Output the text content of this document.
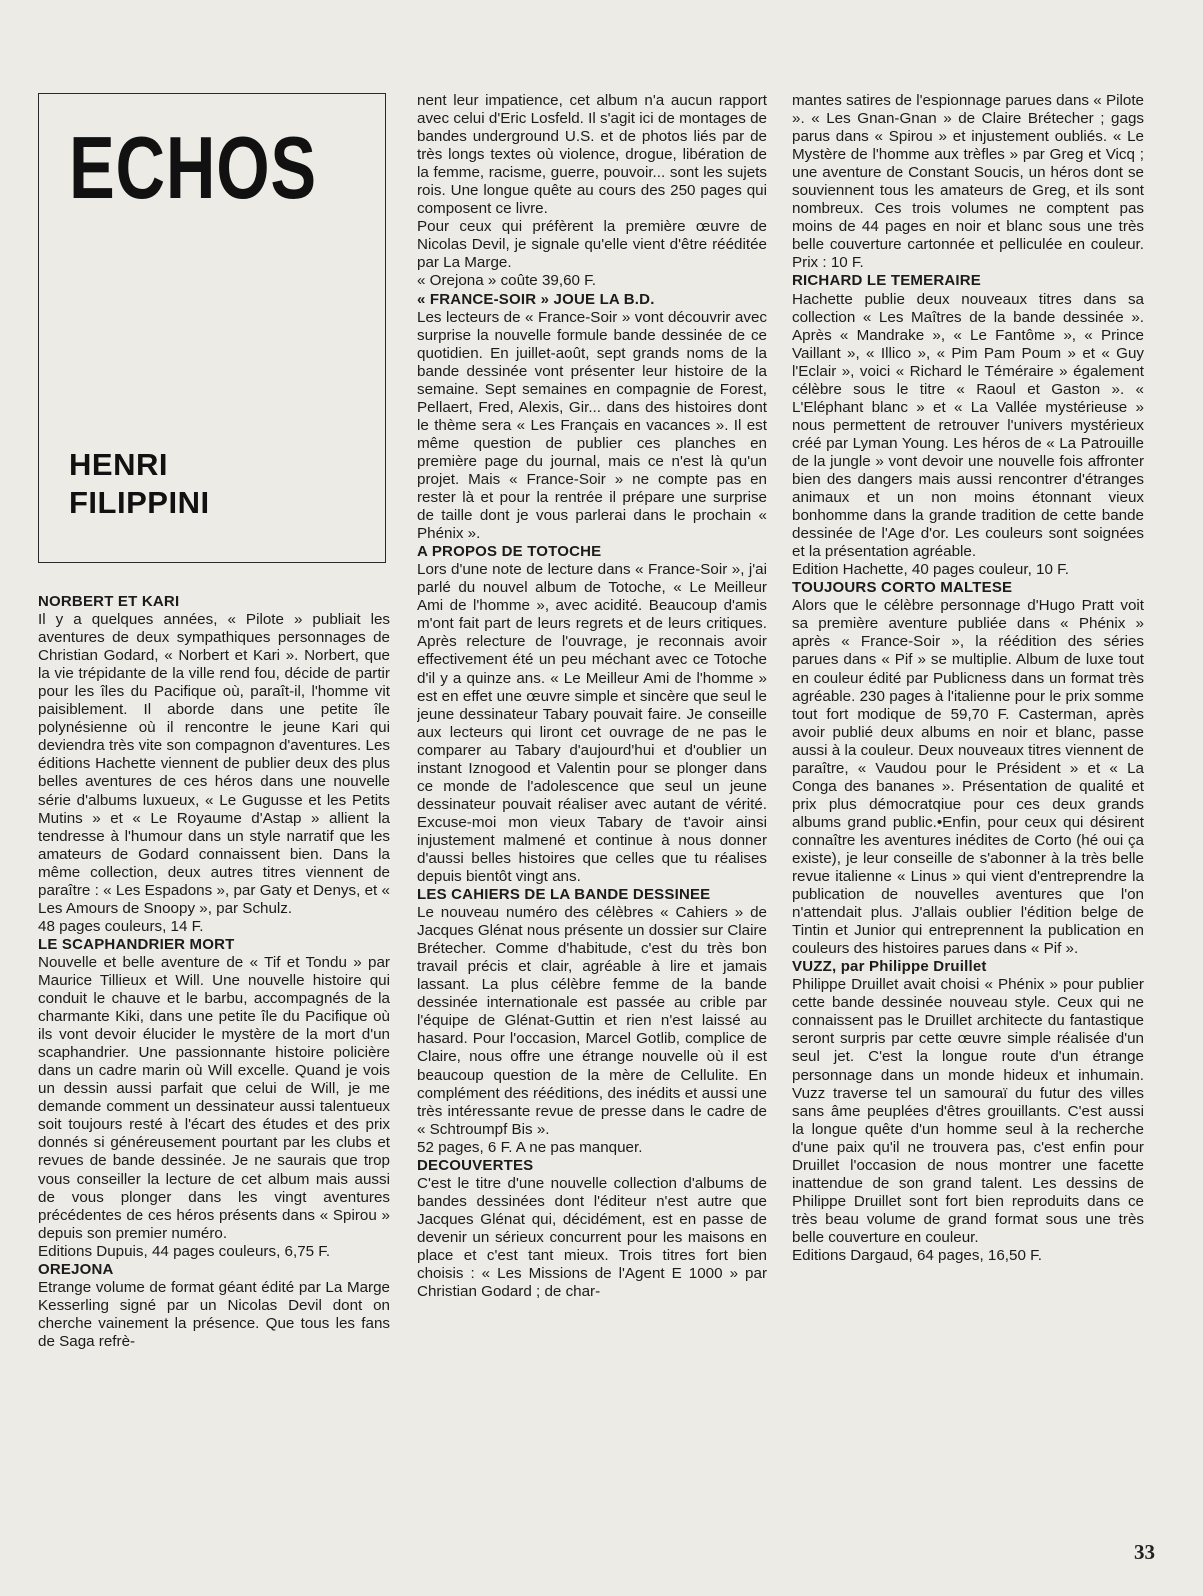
ECHOS
HENRI
FILIPPINI
NORBERT ET KARI
Il y a quelques années, « Pilote » publiait les aventures de deux sympathiques personnages de Christian Godard, « Norbert et Kari ». Norbert, que la vie trépidante de la ville rend fou, décide de partir pour les îles du Pacifique où, paraît-il, l'homme vit paisiblement. Il aborde dans une petite île polynésienne où il rencontre le jeune Kari qui deviendra très vite son compagnon d'aventures. Les éditions Hachette viennent de publier deux des plus belles aventures de ces héros dans une nouvelle série d'albums luxueux, « Le Gugusse et les Petits Mutins » et « Le Royaume d'Astap » allient la tendresse à l'humour dans un style narratif que les amateurs de Godard connaissent bien. Dans la même collection, deux autres titres viennent de paraître : « Les Espadons », par Gaty et Denys, et « Les Amours de Snoopy », par Schulz.
48 pages couleurs, 14 F.
LE SCAPHANDRIER MORT
Nouvelle et belle aventure de « Tif et Tondu » par Maurice Tillieux et Will. Une nouvelle histoire qui conduit le chauve et le barbu, accompagnés de la charmante Kiki, dans une petite île du Pacifique où ils vont devoir élucider le mystère de la mort d'un scaphandrier. Une passionnante histoire policière dans un cadre marin où Will excelle. Quand je vois un dessin aussi parfait que celui de Will, je me demande comment un dessinateur aussi talentueux soit toujours resté à l'écart des études et des prix donnés si généreusement pourtant par les clubs et revues de bande dessinée. Je ne saurais que trop vous conseiller la lecture de cet album mais aussi de vous plonger dans les vingt aventures précédentes de ces héros présents dans « Spirou » depuis son premier numéro.
Editions Dupuis, 44 pages couleurs, 6,75 F.
OREJONA
Etrange volume de format géant édité par La Marge Kesserling signé par un Nicolas Devil dont on cherche vainement la présence. Que tous les fans de Saga refrè-
nent leur impatience, cet album n'a aucun rapport avec celui d'Eric Losfeld. Il s'agit ici de montages de bandes underground U.S. et de photos liés par de très longs textes où violence, drogue, libération de la femme, racisme, guerre, pouvoir... sont les sujets rois. Une longue quête au cours des 250 pages qui composent ce livre.
Pour ceux qui préfèrent la première œuvre de Nicolas Devil, je signale qu'elle vient d'être rééditée par La Marge.
« Orejona » coûte 39,60 F.
« FRANCE-SOIR » JOUE LA B.D.
Les lecteurs de « France-Soir » vont découvrir avec surprise la nouvelle formule bande dessinée de ce quotidien. En juillet-août, sept grands noms de la bande dessinée vont présenter leur histoire de la semaine. Sept semaines en compagnie de Forest, Pellaert, Fred, Alexis, Gir... dans des histoires dont le thème sera « Les Français en vacances ». Il est même question de publier ces planches en première page du journal, mais ce n'est là qu'un projet. Mais « France-Soir » ne compte pas en rester là et pour la rentrée il prépare une surprise de taille dont je vous parlerai dans le prochain « Phénix ».
A PROPOS DE TOTOCHE
Lors d'une note de lecture dans « France-Soir », j'ai parlé du nouvel album de Totoche, « Le Meilleur Ami de l'homme », avec acidité. Beaucoup d'amis m'ont fait part de leurs regrets et de leurs critiques. Après relecture de l'ouvrage, je reconnais avoir effectivement été un peu méchant avec ce Totoche d'il y a quinze ans. « Le Meilleur Ami de l'homme » est en effet une œuvre simple et sincère que seul le jeune dessinateur Tabary pouvait faire. Je conseille aux lecteurs qui liront cet ouvrage de ne pas le comparer au Tabary d'aujourd'hui et d'oublier un instant Iznogood et Valentin pour se plonger dans ce monde de l'adolescence que seul un jeune dessinateur pouvait réaliser avec autant de vérité. Excuse-moi mon vieux Tabary de t'avoir ainsi injustement malmené et continue à nous donner d'aussi belles histoires que celles que tu réalises depuis bientôt vingt ans.
LES CAHIERS DE LA BANDE DESSINEE
Le nouveau numéro des célèbres « Cahiers » de Jacques Glénat nous présente un dossier sur Claire Brétecher. Comme d'habitude, c'est du très bon travail précis et clair, agréable à lire et jamais lassant. La plus célèbre femme de la bande dessinée internationale est passée au crible par l'équipe de Glénat-Guttin et rien n'est laissé au hasard. Pour l'occasion, Marcel Gotlib, complice de Claire, nous offre une étrange nouvelle où il est beaucoup question de la mère de Cellulite. En complément des rééditions, des inédits et aussi une très intéressante revue de presse dans le cadre de « Schtroumpf Bis ».
52 pages, 6 F. A ne pas manquer.
DECOUVERTES
C'est le titre d'une nouvelle collection d'albums de bandes dessinées dont l'éditeur n'est autre que Jacques Glénat qui, décidément, est en passe de devenir un sérieux concurrent pour les maisons en place et c'est tant mieux. Trois titres fort bien choisis : « Les Missions de l'Agent E 1000 » par Christian Godard ; de char-
mantes satires de l'espionnage parues dans « Pilote ». « Les Gnan-Gnan » de Claire Brétecher ; gags parus dans « Spirou » et injustement oubliés. « Le Mystère de l'homme aux trèfles » par Greg et Vicq ; une aventure de Constant Soucis, un héros dont se souviennent tous les amateurs de Greg, et ils sont nombreux. Ces trois volumes ne comptent pas moins de 44 pages en noir et blanc sous une très belle couverture cartonnée et pelliculée en couleur. Prix : 10 F.
RICHARD LE TEMERAIRE
Hachette publie deux nouveaux titres dans sa collection « Les Maîtres de la bande dessinée ». Après « Mandrake », « Le Fantôme », « Prince Vaillant », « Illico », « Pim Pam Poum » et « Guy l'Eclair », voici « Richard le Téméraire » également célèbre sous le titre « Raoul et Gaston ». « L'Eléphant blanc » et « La Vallée mystérieuse » nous permettent de retrouver l'univers mystérieux créé par Lyman Young. Les héros de « La Patrouille de la jungle » vont devoir une nouvelle fois affronter bien des dangers mais aussi rencontrer d'étranges animaux et un non moins étonnant vieux bonhomme dans la grande tradition de cette bande dessinée de l'Age d'or. Les couleurs sont soignées et la présentation agréable.
Edition Hachette, 40 pages couleur, 10 F.
TOUJOURS CORTO MALTESE
Alors que le célèbre personnage d'Hugo Pratt voit sa première aventure publiée dans « Phénix » après « France-Soir », la réédition des séries parues dans « Pif » se multiplie. Album de luxe tout en couleur édité par Publicness dans un format très agréable. 230 pages à l'italienne pour le prix somme tout fort modique de 59,70 F. Casterman, après avoir publié deux albums en noir et blanc, passe aussi à la couleur. Deux nouveaux titres viennent de paraître, « Vaudou pour le Président » et « La Conga des bananes ». Présentation de qualité et prix plus démocratqiue pour ces deux grands albums grand public.•Enfin, pour ceux qui désirent connaître les aventures inédites de Corto (hé oui ça existe), je leur conseille de s'abonner à la très belle revue italienne « Linus » qui vient d'entreprendre la publication de nouvelles aventures que l'on n'attendait plus. J'allais oublier l'édition belge de Tintin et Junior qui entreprennent la publication en couleurs des histoires parues dans « Pif ».
VUZZ, par Philippe Druillet
Philippe Druillet avait choisi « Phénix » pour publier cette bande dessinée nouveau style. Ceux qui ne connaissent pas le Druillet architecte du fantastique seront surpris par cette œuvre simple réalisée d'un seul jet. C'est la longue route d'un étrange personnage dans un monde hideux et inhumain. Vuzz traverse tel un samouraï du futur des villes sans âme peuplées d'êtres grouillants. C'est aussi la longue quête d'un homme seul à la recherche d'une paix qu'il ne trouvera pas, c'est enfin pour Druillet l'occasion de nous montrer une facette inattendue de son grand talent. Les dessins de Philippe Druillet sont fort bien reproduits dans ce très beau volume de grand format sous une très belle couverture en couleur.
Editions Dargaud, 64 pages, 16,50 F.
33
